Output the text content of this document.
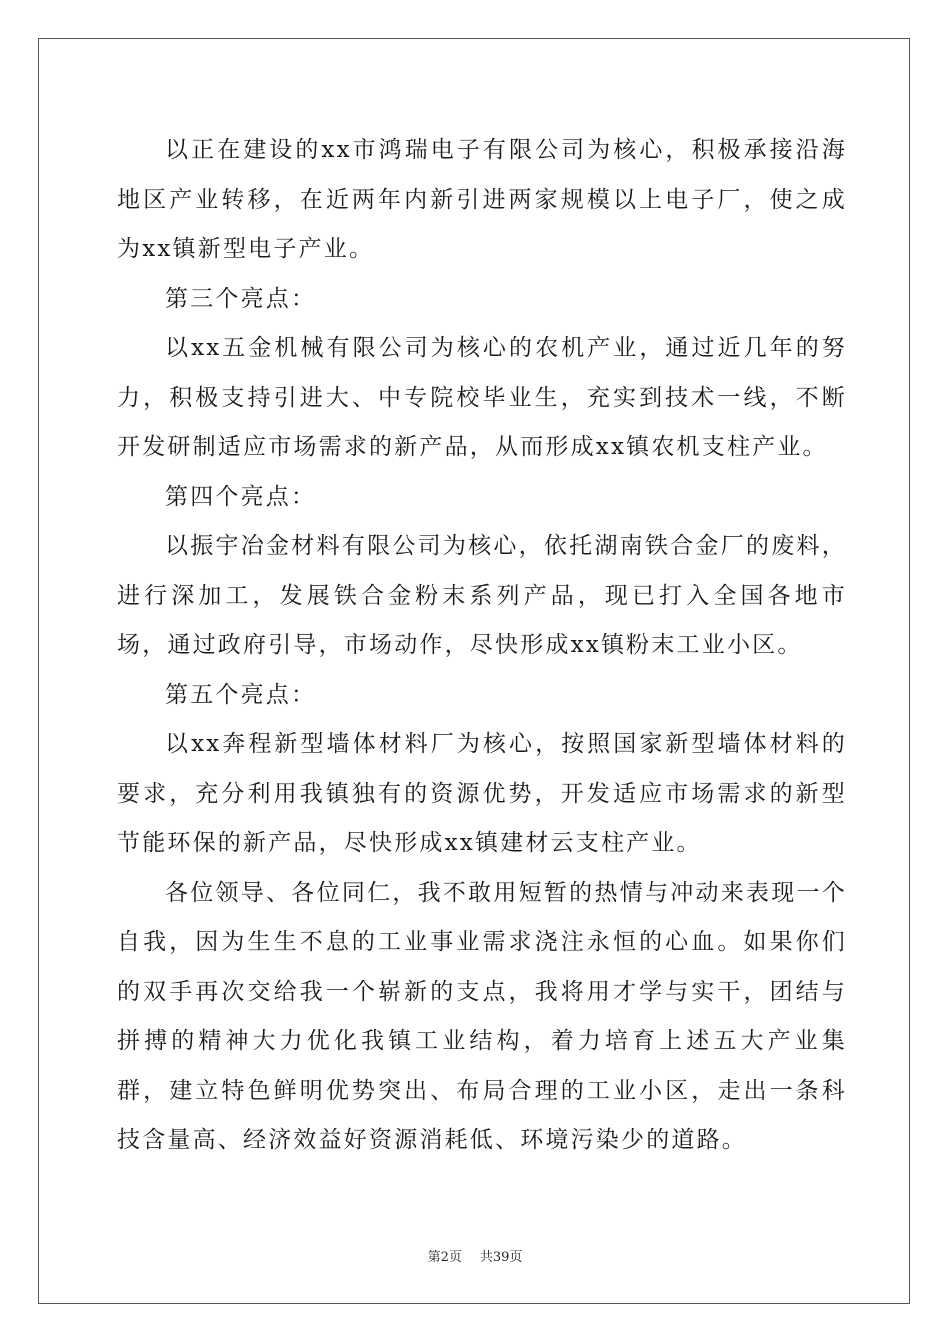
以正在建设的xx市鸿瑞电子有限公司为核心，积极承接沿海地区产业转移，在近两年内新引进两家规模以上电子厂，使之成为xx镇新型电子产业。

第三个亮点：

以xx五金机械有限公司为核心的农机产业，通过近几年的努力，积极支持引进大、中专院校毕业生，充实到技术一线，不断开发研制适应市场需求的新产品，从而形成xx镇农机支柱产业。

第四个亮点：

以振宇冶金材料有限公司为核心，依托湖南铁合金厂的废料，进行深加工，发展铁合金粉末系列产品，现已打入全国各地市场，通过政府引导，市场动作，尽快形成xx镇粉末工业小区。

第五个亮点：

以xx奔程新型墙体材料厂为核心，按照国家新型墙体材料的要求，充分利用我镇独有的资源优势，开发适应市场需求的新型节能环保的新产品，尽快形成xx镇建材云支柱产业。

各位领导、各位同仁，我不敢用短暂的热情与冲动来表现一个自我，因为生生不息的工业事业需求浇注永恒的心血。如果你们的双手再次交给我一个崭新的支点，我将用才学与实干，团结与拼搏的精神大力优化我镇工业结构，着力培育上述五大产业集群，建立特色鲜明优势突出、布局合理的工业小区，走出一条科技含量高、经济效益好资源消耗低、环境污染少的道路。

第2页 共39页
